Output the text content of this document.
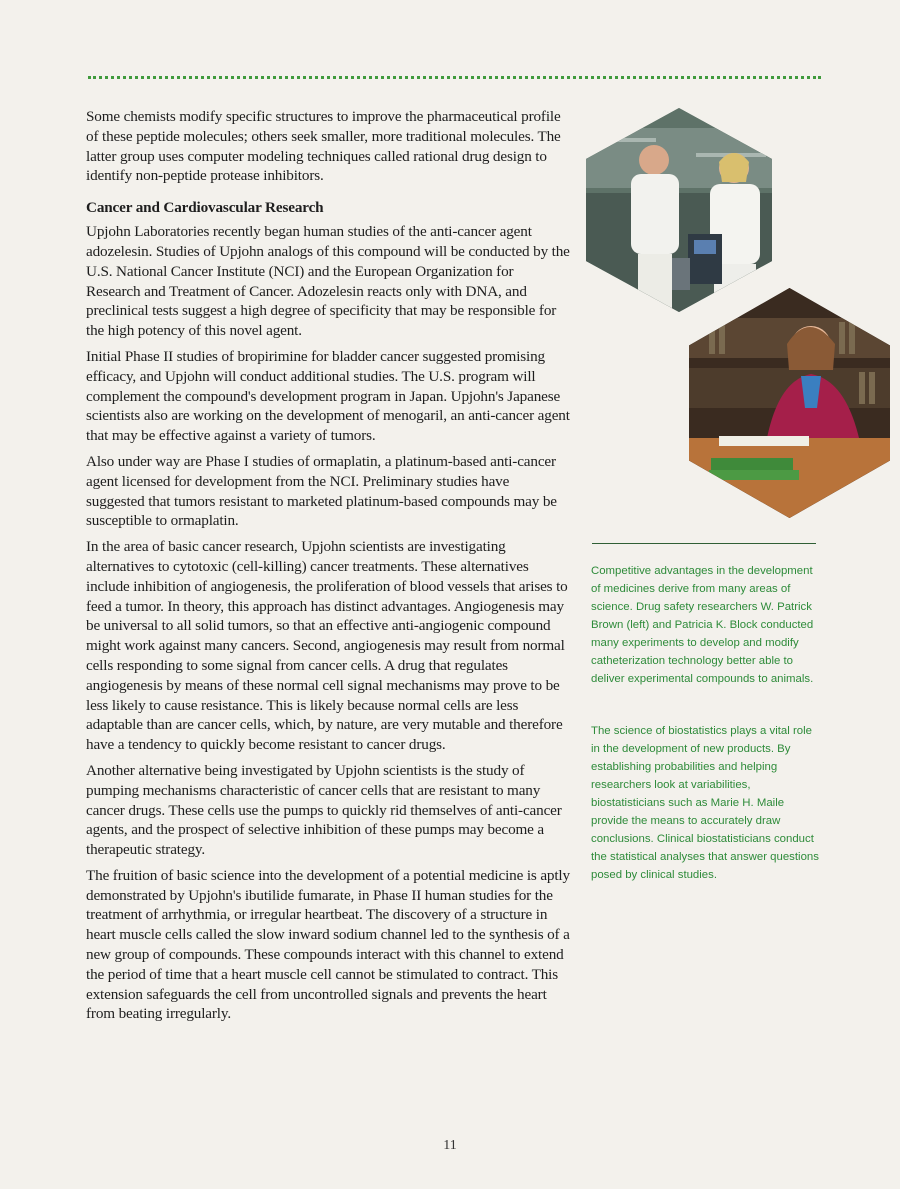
Some chemists modify specific structures to improve the pharmaceutical profile of these peptide molecules; others seek smaller, more traditional molecules. The latter group uses computer modeling techniques called rational drug design to identify non-peptide protease inhibitors.

Cancer and Cardiovascular Research

Upjohn Laboratories recently began human studies of the anti-cancer agent adozelesin. Studies of Upjohn analogs of this compound will be conducted by the U.S. National Cancer Institute (NCI) and the European Organization for Research and Treatment of Cancer. Adozelesin reacts only with DNA, and preclinical tests suggest a high degree of specificity that may be responsible for the high potency of this novel agent.

Initial Phase II studies of bropirimine for bladder cancer suggested promising efficacy, and Upjohn will conduct additional studies. The U.S. program will complement the compound's development program in Japan. Upjohn's Japanese scientists also are working on the development of menogaril, an anti-cancer agent that may be effective against a variety of tumors.

Also under way are Phase I studies of ormaplatin, a platinum-based anti-cancer agent licensed for development from the NCI. Preliminary studies have suggested that tumors resistant to marketed platinum-based compounds may be susceptible to ormaplatin.

In the area of basic cancer research, Upjohn scientists are investigating alternatives to cytotoxic (cell-killing) cancer treatments. These alternatives include inhibition of angiogenesis, the proliferation of blood vessels that arises to feed a tumor. In theory, this approach has distinct advantages. Angiogenesis may be universal to all solid tumors, so that an effective anti-angiogenic compound might work against many cancers. Second, angiogenesis may result from normal cells responding to some signal from cancer cells. A drug that regulates angiogenesis by means of these normal cell signal mechanisms may prove to be less likely to cause resistance. This is likely because normal cells are less adaptable than are cancer cells, which, by nature, are very mutable and therefore have a tendency to quickly become resistant to cancer drugs.

Another alternative being investigated by Upjohn scientists is the study of pumping mechanisms characteristic of cancer cells that are resistant to many cancer drugs. These cells use the pumps to quickly rid themselves of anti-cancer agents, and the prospect of selective inhibition of these pumps may become a therapeutic strategy.

The fruition of basic science into the development of a potential medicine is aptly demonstrated by Upjohn's ibutilide fumarate, in Phase II human studies for the treatment of arrhythmia, or irregular heartbeat. The discovery of a structure in heart muscle cells called the slow inward sodium channel led to the synthesis of a new group of compounds. These compounds interact with this channel to extend the period of time that a heart muscle cell cannot be stimulated to contract. This extension safeguards the cell from uncontrolled signals and prevents the heart from beating irregularly.

Competitive advantages in the development of medicines derive from many areas of science. Drug safety researchers W. Patrick Brown (left) and Patricia K. Block conducted many experiments to develop and modify catheterization technology better able to deliver experimental compounds to animals.

The science of biostatistics plays a vital role in the development of new products. By establishing probabilities and helping researchers look at variabilities, biostatisticians such as Marie H. Maile provide the means to accurately draw conclusions. Clinical biostatisticians conduct the statistical analyses that answer questions posed by clinical studies.

11
